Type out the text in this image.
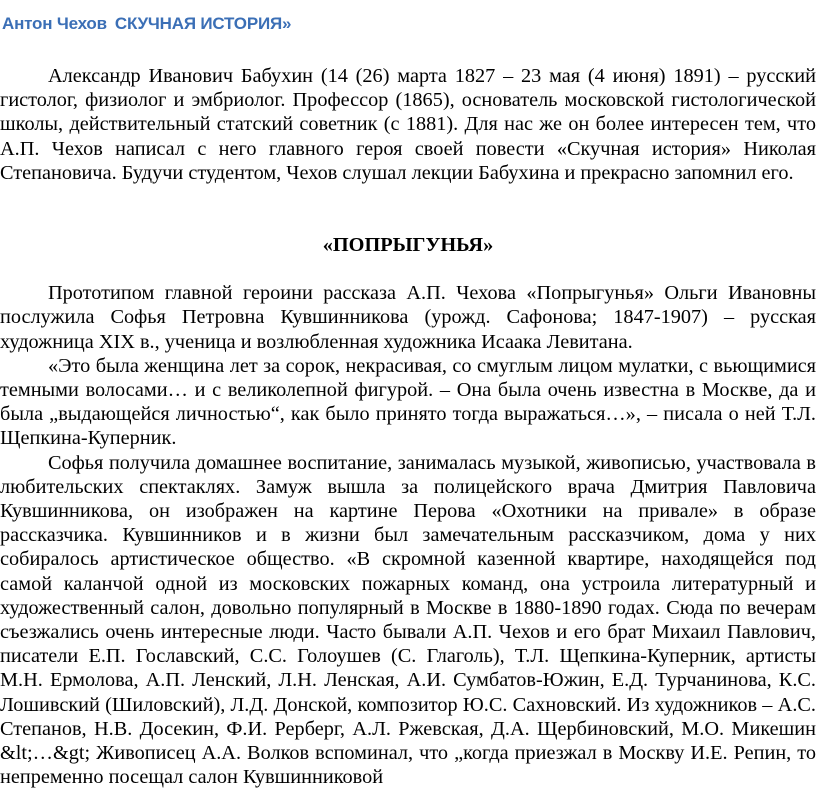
Антон Чехов СКУЧНАЯ ИСТОРИЯ»

Александр Иванович Бабухин (14 (26) марта 1827 – 23 мая (4 июня) 1891) – русский гистолог, физиолог и эмбриолог. Профессор (1865), основатель московской гистологической школы, действительный статский советник (с 1881). Для нас же он более интересен тем, что А.П. Чехов написал с него главного героя своей повести «Скучная история» Николая Степановича. Будучи студентом, Чехов слушал лекции Бабухина и прекрасно запомнил его.

«ПОПРЫГУНЬЯ»

Прототипом главной героини рассказа А.П. Чехова «Попрыгунья» Ольги Ивановны послужила Софья Петровна Кувшинникова (урожд. Сафонова; 1847-1907) – русская художница XIX в., ученица и возлюбленная художника Исаака Левитана.

«Это была женщина лет за сорок, некрасивая, со смуглым лицом мулатки, с вьющимися темными волосами… и с великолепной фигурой. – Она была очень известна в Москве, да и была „выдающейся личностью“, как было принято тогда выражаться…», – писала о ней Т.Л. Щепкина-Куперник.

Софья получила домашнее воспитание, занималась музыкой, живописью, участвовала в любительских спектаклях. Замуж вышла за полицейского врача Дмитрия Павловича Кувшинникова, он изображен на картине Перова «Охотники на привале» в образе рассказчика. Кувшинников и в жизни был замечательным рассказчиком, дома у них собиралось артистическое общество. «В скромной казенной квартире, находящейся под самой каланчой одной из московских пожарных команд, она устроила литературный и художественный салон, довольно популярный в Москве в 1880-1890 годах. Сюда по вечерам съезжались очень интересные люди. Часто бывали А.П. Чехов и его брат Михаил Павлович, писатели Е.П. Гославский, С.С. Голоушев (С. Глаголь), Т.Л. Щепкина-Куперник, артисты М.Н. Ермолова, А.П. Ленский, Л.Н. Ленская, А.И. Сумбатов-Южин, Е.Д. Турчанинова, К.С. Лошивский (Шиловский), Л.Д. Донской, композитор Ю.С. Сахновский. Из художников – А.С. Степанов, Н.В. Досекин, Ф.И. Рерберг, А.Л. Ржевская, Д.А. Щербиновский, М.О. Микешин &lt;…&gt; Живописец А.А. Волков вспоминал, что „когда приезжал в Москву И.Е. Репин, то непременно посещал салон Кувшинниковой
